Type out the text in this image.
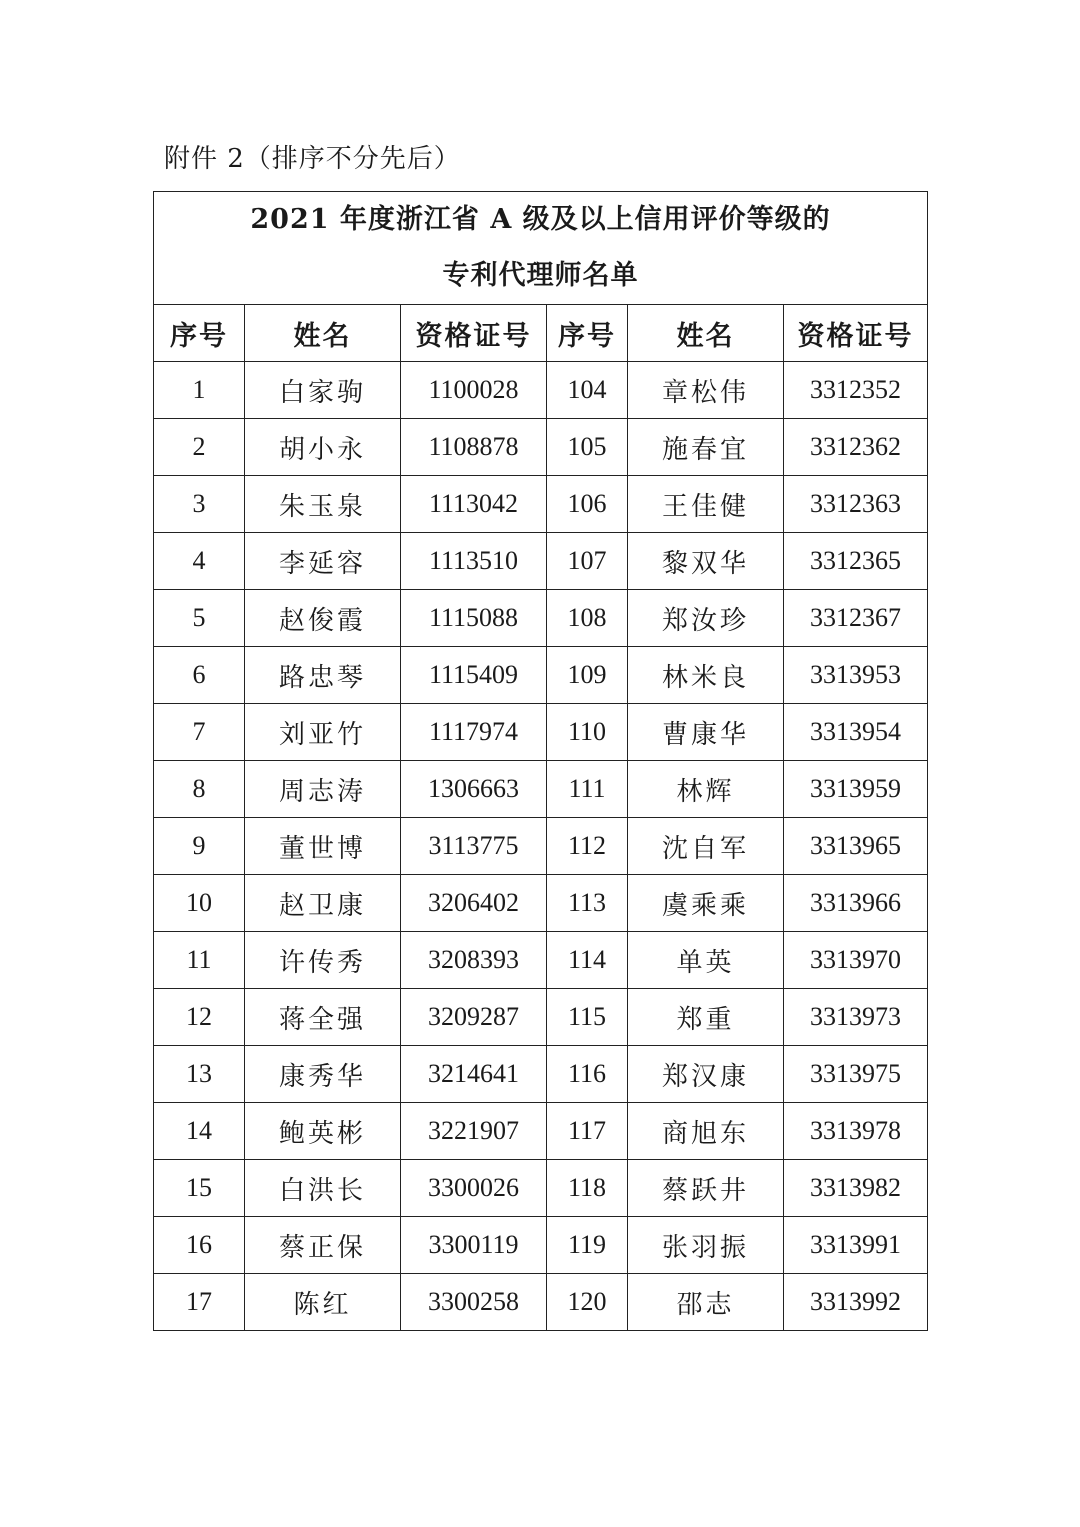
附件 2（排序不分先后）
2021 年度浙江省 A 级及以上信用评价等级的
专利代理师名单					

序号	姓名	资格证号	序号	姓名	资格证号
1	白家驹	1100028	104	章松伟	3312352
2	胡小永	1108878	105	施春宜	3312362
3	朱玉泉	1113042	106	王佳健	3312363
4	李延容	1113510	107	黎双华	3312365
5	赵俊霞	1115088	108	郑汝珍	3312367
6	路忠琴	1115409	109	林米良	3313953
7	刘亚竹	1117974	110	曹康华	3313954
8	周志涛	1306663	111	林辉	3313959
9	董世博	3113775	112	沈自军	3313965
10	赵卫康	3206402	113	虞乘乘	3313966
11	许传秀	3208393	114	单英	3313970
12	蒋全强	3209287	115	郑重	3313973
13	康秀华	3214641	116	郑汉康	3313975
14	鲍英彬	3221907	117	商旭东	3313978
15	白洪长	3300026	118	蔡跃井	3313982
16	蔡正保	3300119	119	张羽振	3313991
17	陈红	3300258	120	邵志	3313992
